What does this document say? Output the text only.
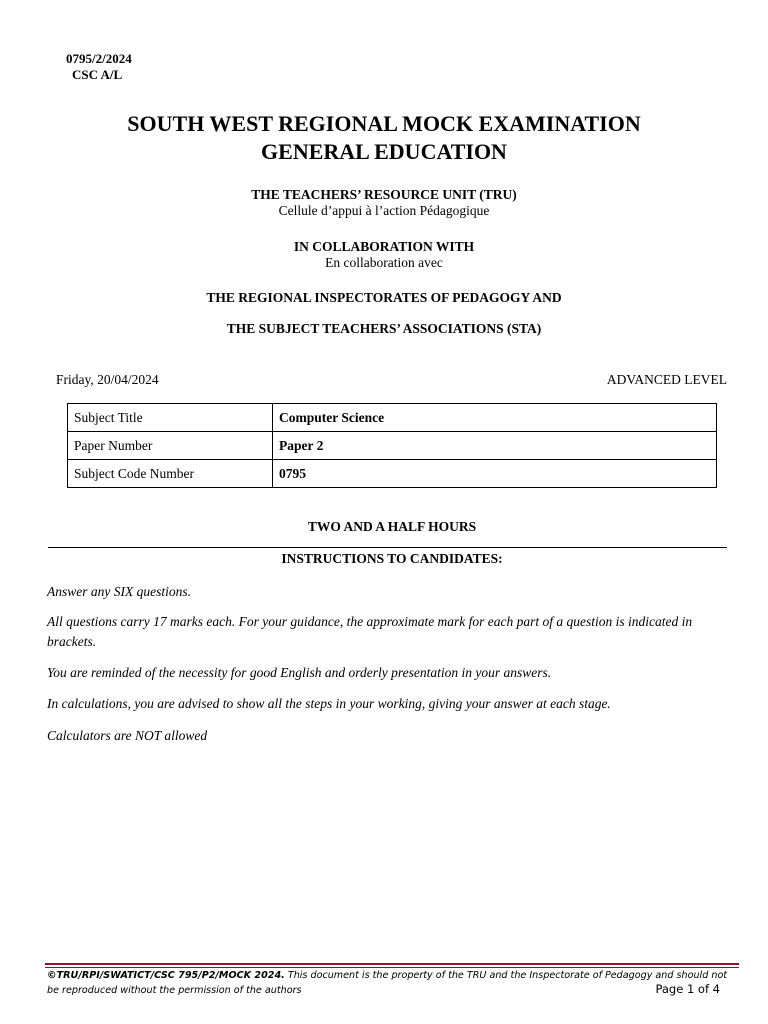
0795/2/2024
CSC A/L
SOUTH WEST REGIONAL MOCK EXAMINATION
GENERAL EDUCATION
THE TEACHERS’ RESOURCE UNIT (TRU)
Cellule d’appui à l’action Pédagogique
IN COLLABORATION WITH
En collaboration avec
THE REGIONAL INSPECTORATES OF PEDAGOGY AND
THE SUBJECT TEACHERS’ ASSOCIATIONS (STA)
Friday, 20/04/2024	ADVANCED LEVEL
Subject Title	Computer Science
Paper Number	Paper 2
Subject Code Number	0795
TWO AND A HALF HOURS
INSTRUCTIONS TO CANDIDATES:
Answer any SIX questions.
All questions carry 17 marks each. For your guidance, the approximate mark for each part of a question is indicated in brackets.
You are reminded of the necessity for good English and orderly presentation in your answers.
In calculations, you are advised to show all the steps in your working, giving your answer at each stage.
Calculators are NOT allowed
©TRU/RPI/SWATICT/CSC 795/P2/MOCK 2024. This document is the property of the TRU and the Inspectorate of Pedagogy and should not be reproduced without the permission of the authors	Page 1 of 4
